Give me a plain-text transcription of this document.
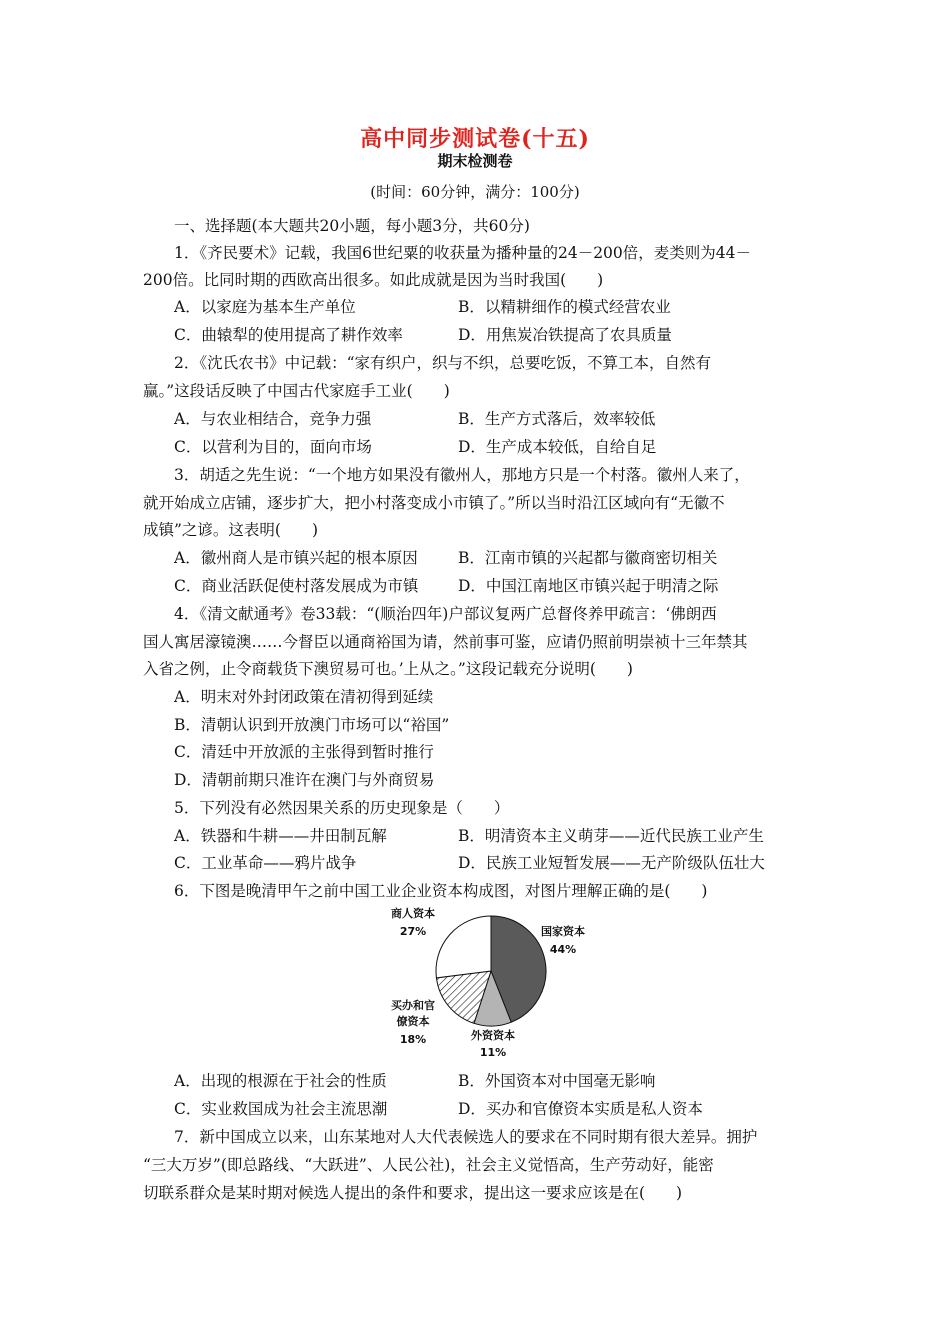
高中同步测试卷(十五)
期末检测卷
(时间：60分钟，满分：100分)
一、选择题(本大题共20小题，每小题3分，共60分)
1．《齐民要术》记载，我国6世纪粟的收获量为播种量的24－200倍，麦类则为44－
200倍。比同时期的西欧高出很多。如此成就是因为当时我国(　　)
A．以家庭为基本生产单位	B．以精耕细作的模式经营农业
C．曲辕犁的使用提高了耕作效率	D．用焦炭冶铁提高了农具质量
2．《沈氏农书》中记载：“家有织户，织与不织，总要吃饭，不算工本，自然有
赢。”这段话反映了中国古代家庭手工业(　　)
A．与农业相结合，竞争力强	B．生产方式落后，效率较低
C．以营利为目的，面向市场	D．生产成本较低，自给自足
3．胡适之先生说：“一个地方如果没有徽州人，那地方只是一个村落。徽州人来了，
就开始成立店铺，逐步扩大，把小村落变成小市镇了。”所以当时沿江区域向有“无徽不
成镇”之谚。这表明(　　)
A．徽州商人是市镇兴起的根本原因	B．江南市镇的兴起都与徽商密切相关
C．商业活跃促使村落发展成为市镇	D．中国江南地区市镇兴起于明清之际
4．《清文献通考》卷33载：“(顺治四年)户部议复两广总督佟养甲疏言：‘佛朗西
国人寓居濠镜澳……今督臣以通商裕国为请，然前事可鉴，应请仍照前明崇祯十三年禁其
入省之例，止令商载货下澳贸易可也。’上从之。”这段记载充分说明(　　)
A．明末对外封闭政策在清初得到延续
B．清朝认识到开放澳门市场可以“裕国”
C．清廷中开放派的主张得到暂时推行
D．清朝前期只准许在澳门与外商贸易
5．下列没有必然因果关系的历史现象是（　　）
A．铁器和牛耕——井田制瓦解	B．明清资本主义萌芽——近代民族工业产生
C．工业革命——鸦片战争	D．民族工业短暂发展——无产阶级队伍壮大
6．下图是晚清甲午之前中国工业企业资本构成图，对图片理解正确的是(　　)
商人资本
27%	国家资本
44%
外资资本
11%
买办和官
僚资本
18%
A．出现的根源在于社会的性质	B．外国资本对中国毫无影响
C．实业救国成为社会主流思潮	D．买办和官僚资本实质是私人资本
7．新中国成立以来，山东某地对人大代表候选人的要求在不同时期有很大差异。拥护
“三大万岁”(即总路线、“大跃进”、人民公社)，社会主义觉悟高，生产劳动好，能密
切联系群众是某时期对候选人提出的条件和要求，提出这一要求应该是在(　　)
